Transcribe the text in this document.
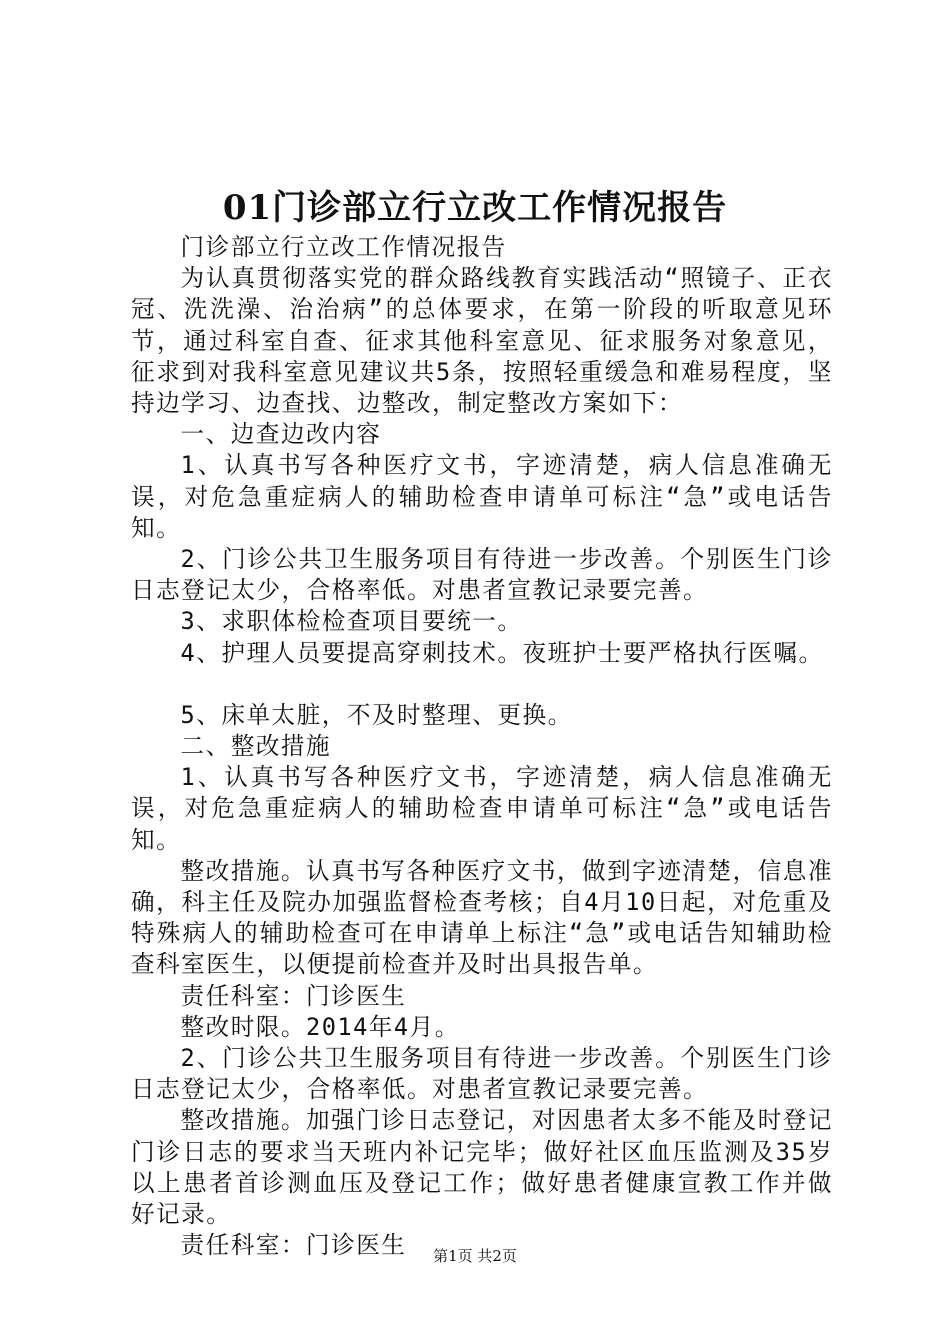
01门诊部立行立改工作情况报告

门诊部立行立改工作情况报告

为认真贯彻落实党的群众路线教育实践活动“照镜子、正衣冠、洗洗澡、治治病”的总体要求，在第一阶段的听取意见环节，通过科室自查、征求其他科室意见、征求服务对象意见，征求到对我科室意见建议共5条，按照轻重缓急和难易程度，坚持边学习、边查找、边整改，制定整改方案如下：

一、边查边改内容

1、认真书写各种医疗文书，字迹清楚，病人信息准确无误，对危急重症病人的辅助检查申请单可标注“急”或电话告知。

2、门诊公共卫生服务项目有待进一步改善。个别医生门诊日志登记太少，合格率低。对患者宣教记录要完善。

3、求职体检检查项目要统一。

4、护理人员要提高穿刺技术。夜班护士要严格执行医嘱。

5、床单太脏，不及时整理、更换。

二、整改措施

1、认真书写各种医疗文书，字迹清楚，病人信息准确无误，对危急重症病人的辅助检查申请单可标注“急”或电话告知。

整改措施。认真书写各种医疗文书，做到字迹清楚，信息准确，科主任及院办加强监督检查考核；自4月10日起，对危重及特殊病人的辅助检查可在申请单上标注“急”或电话告知辅助检查科室医生，以便提前检查并及时出具报告单。

责任科室：门诊医生

整改时限。2014年4月。

2、门诊公共卫生服务项目有待进一步改善。个别医生门诊日志登记太少，合格率低。对患者宣教记录要完善。

整改措施。加强门诊日志登记，对因患者太多不能及时登记门诊日志的要求当天班内补记完毕；做好社区血压监测及35岁以上患者首诊测血压及登记工作；做好患者健康宣教工作并做好记录。

责任科室：门诊医生	第1页 共2页
